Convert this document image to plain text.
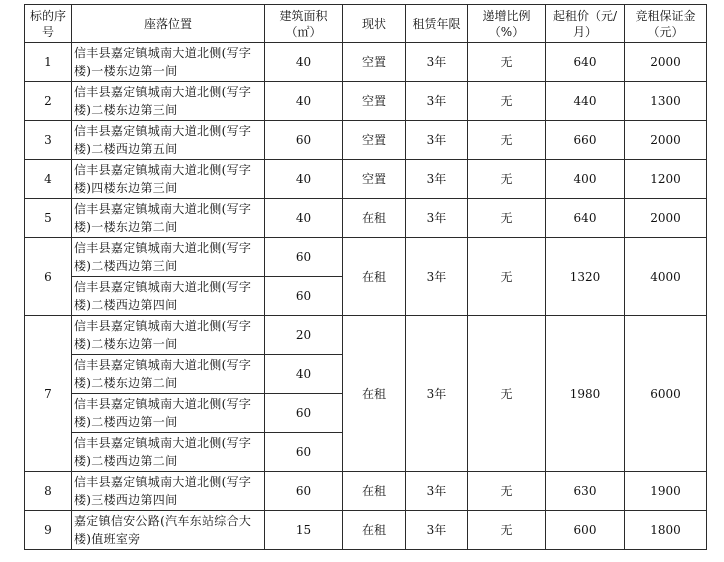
标的序号	座落位置	建筑面积（㎡）	现状	租赁年限	递增比例（%）	起租价（元/月）	竞租保证金（元）
1	信丰县嘉定镇城南大道北侧(写字楼)一楼东边第一间	40	空置	3年	无	640	2000
2	信丰县嘉定镇城南大道北侧(写字楼)二楼东边第三间	40	空置	3年	无	440	1300
3	信丰县嘉定镇城南大道北侧(写字楼)二楼西边第五间	60	空置	3年	无	660	2000
4	信丰县嘉定镇城南大道北侧(写字楼)四楼东边第三间	40	空置	3年	无	400	1200
5	信丰县嘉定镇城南大道北侧(写字楼)一楼东边第二间	40	在租	3年	无	640	2000
6	信丰县嘉定镇城南大道北侧(写字楼)二楼西边第三间	60	在租	3年	无	1320	4000
	信丰县嘉定镇城南大道北侧(写字楼)二楼西边第四间	60					
7	信丰县嘉定镇城南大道北侧(写字楼)二楼东边第一间	20	在租	3年	无	1980	6000
	信丰县嘉定镇城南大道北侧(写字楼)二楼东边第二间	40					
	信丰县嘉定镇城南大道北侧(写字楼)二楼西边第一间	60					
	信丰县嘉定镇城南大道北侧(写字楼)二楼西边第二间	60					
8	信丰县嘉定镇城南大道北侧(写字楼)三楼西边第四间	60	在租	3年	无	630	1900
9	嘉定镇信安公路(汽车东站综合大楼)值班室旁	15	在租	3年	无	600	1800
